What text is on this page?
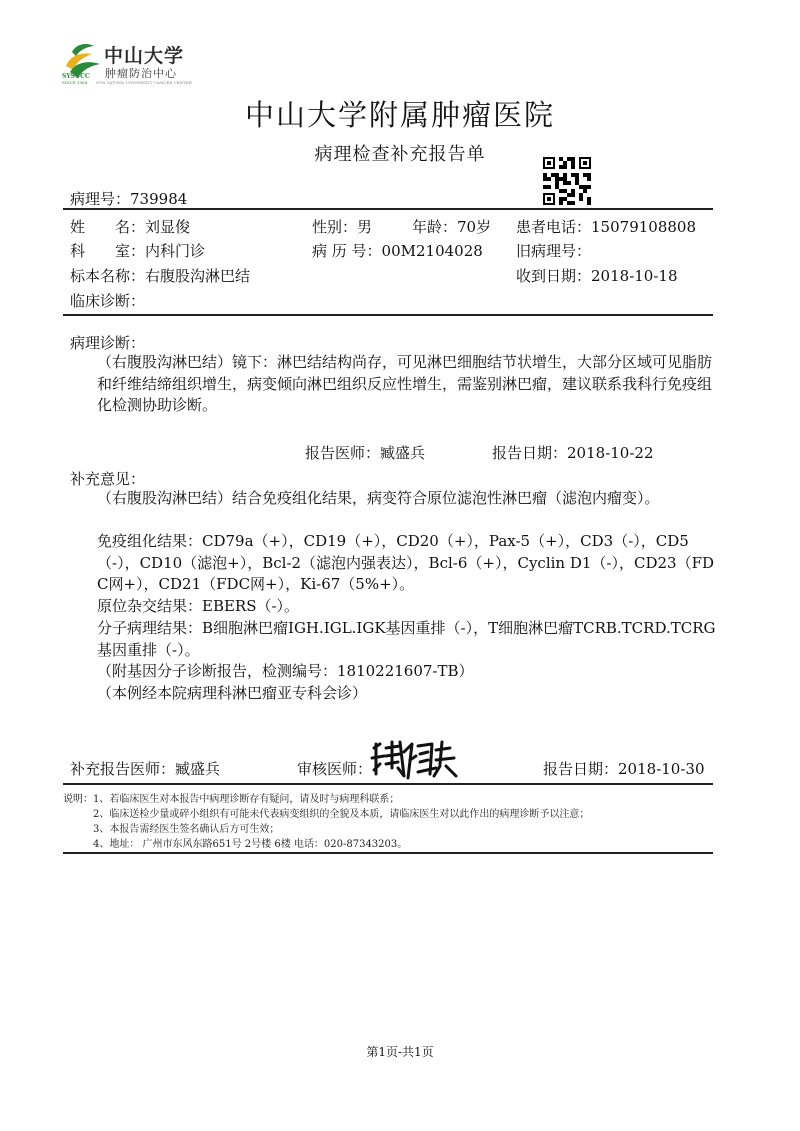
中山大学
肿瘤防治中心
SYSUCC
SINCE 1964 SUN YAT-SEN UNIVERSITY CANCER CENTER
中山大学附属肿瘤医院
病理检查补充报告单
病理号：739984
姓　　名：刘显俊	性别：男	年龄：70岁 患者电话：15079108808
科　　室：内科门诊	病 历 号：00M2104028 旧病理号：
标本名称：右腹股沟淋巴结	收到日期：2018-10-18
临床诊断：
病理诊断：
（右腹股沟淋巴结）镜下：淋巴结结构尚存，可见淋巴细胞结节状增生，大部分区域可见脂肪和纤维结缔组织增生，病变倾向淋巴组织反应性增生，需鉴别淋巴瘤，建议联系我科行免疫组化检测协助诊断。
报告医师：臧盛兵	报告日期：2018-10-22
补充意见：
（右腹股沟淋巴结）结合免疫组化结果，病变符合原位滤泡性淋巴瘤（滤泡内瘤变）。
免疫组化结果：CD79a（+），CD19（+），CD20（+），Pax-5（+），CD3（-），CD5（-），CD10（滤泡+），Bcl-2（滤泡内强表达），Bcl-6（+），Cyclin D1（-），CD23（FDC网+），CD21（FDC网+），Ki-67（5%+）。
原位杂交结果：EBERS（-）。
分子病理结果：B细胞淋巴瘤IGH.IGL.IGK基因重排（-），T细胞淋巴瘤TCRB.TCRD.TCRG基因重排（-）。
（附基因分子诊断报告，检测编号：1810221607-TB）
（本例经本院病理科淋巴瘤亚专科会诊）
补充报告医师：臧盛兵	审核医师：	报告日期：2018-10-30
说明： 1、若临床医生对本报告中病理诊断存有疑问，请及时与病理科联系；
2、临床送检少量或碎小组织有可能未代表病变组织的全貌及本质，请临床医生对以此作出的病理诊断予以注意；
3、本报告需经医生签名确认后方可生效；
4、地址： 广州市东风东路651号 2号楼 6楼 电话：020-87343203。
第1页-共1页
